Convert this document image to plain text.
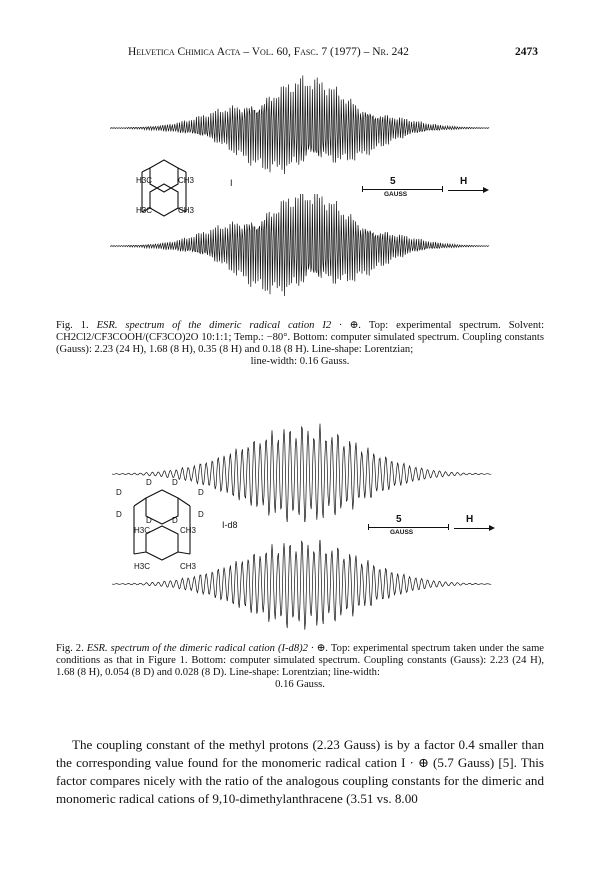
Helvetica Chimica Acta – Vol. 60, Fasc. 7 (1977) – Nr. 242	2473
H3C	CH3
H3C	CH3
I	5
GAUSS
H
Fig. 1. ESR. spectrum of the dimeric radical cation I2 · ⊕. Top: experimental spectrum. Solvent: CH2Cl2/CF3COOH/(CF3CO)2O 10:1:1; Temp.: −80°. Bottom: computer simulated spectrum. Coupling constants (Gauss): 2.23 (24 H), 1.68 (8 H), 0.35 (8 H) and 0.18 (8 H). Line-shape: Lorentzian;
line-width: 0.16 Gauss.
D	D
D	D
D	D
D	D
H3C	CH3
H3C	CH3
I-d8	5
GAUSS
H
Fig. 2. ESR. spectrum of the dimeric radical cation (I-d8)2 · ⊕. Top: experimental spectrum taken under the same conditions as that in Figure 1. Bottom: computer simulated spectrum. Coupling constants (Gauss): 2.23 (24 H), 1.68 (8 H), 0.054 (8 D) and 0.028 (8 D). Line-shape: Lorentzian; line-width:
0.16 Gauss.

The coupling constant of the methyl protons (2.23 Gauss) is by a factor 0.4 smaller than the corresponding value found for the monomeric radical cation I · ⊕ (5.7 Gauss) [5]. This factor compares nicely with the ratio of the analogous coupling constants for the dimeric and monomeric radical cations of 9,10-dimethylanthracene (3.51 vs. 8.00
